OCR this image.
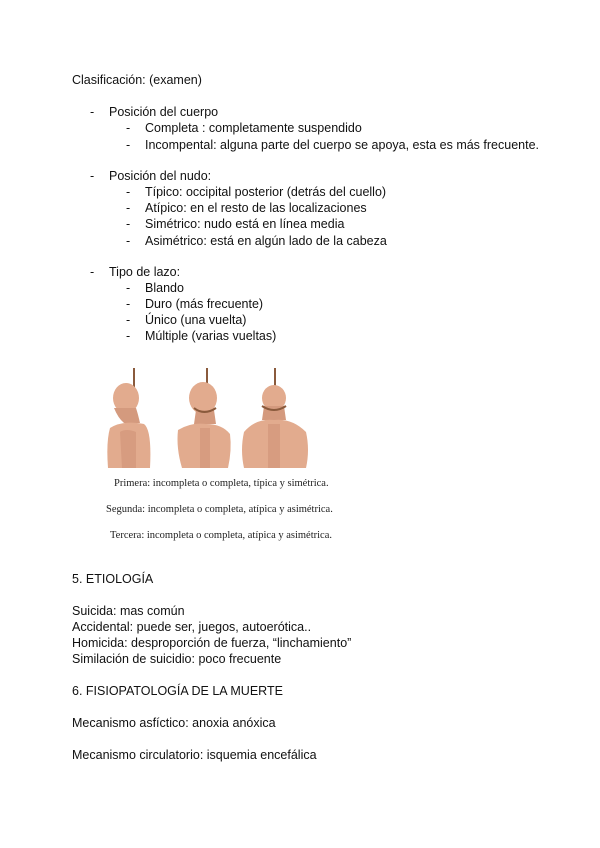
Clasificación: (examen)
- Posición del cuerpo
- Completa : completamente suspendido
- Incompental: alguna parte del cuerpo se apoya, esta es más frecuente.
- Posición del nudo:
- Típico: occipital posterior (detrás del cuello)
- Atípico: en el resto de las localizaciones
- Simétrico: nudo está en línea media
- Asimétrico: está en algún lado de la cabeza
- Tipo de lazo:
- Blando
- Duro (más frecuente)
- Único (una vuelta)
- Múltiple (varias vueltas)
Primera: incompleta o completa, típica y simétrica.
Segunda: incompleta o completa, atípica y asimétrica.
Tercera: incompleta o completa, atípica y asimétrica.
5. ETIOLOGÍA
Suicida: mas común
Accidental: puede ser, juegos, autoerótica..
Homicida: desproporción de fuerza, “linchamiento”
Similación de suicidio: poco frecuente
6. FISIOPATOLOGÍA DE LA MUERTE
Mecanismo asfíctico: anoxia anóxica
Mecanismo circulatorio: isquemia encefálica
